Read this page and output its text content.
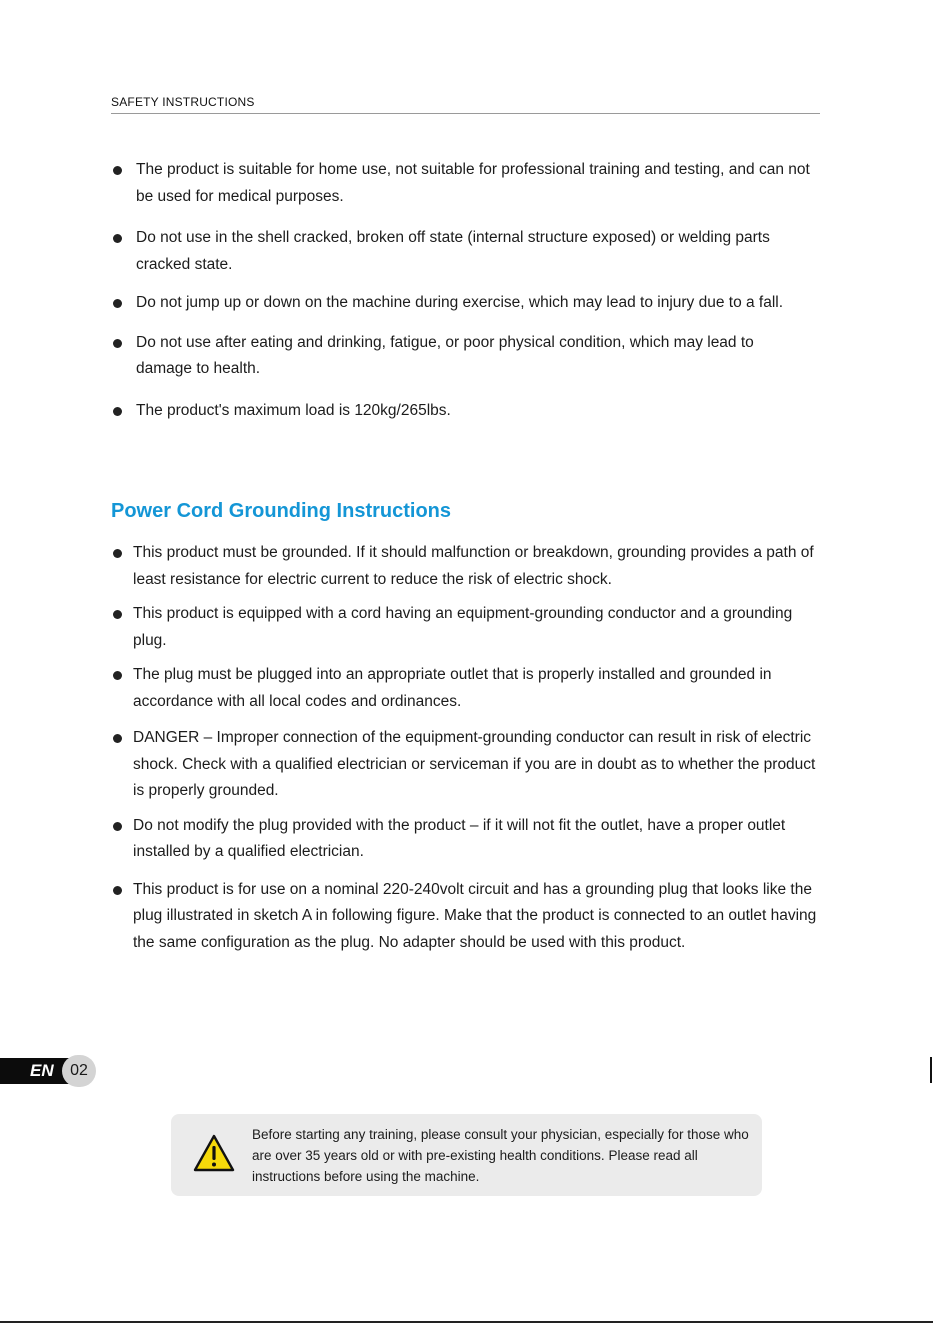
SAFETY INSTRUCTIONS
The product is suitable for home use, not suitable for professional training and testing, and can not be used for medical purposes.
Do not use in the shell cracked, broken off state (internal structure exposed) or welding parts cracked state.
Do not jump up or down on the machine during exercise, which may lead to injury due to a fall.
Do not use after eating and drinking, fatigue, or poor physical condition, which may lead to damage to health.
The product's maximum load is 120kg/265lbs.
Power Cord Grounding Instructions
This product must be grounded. If it should malfunction or breakdown, grounding provides a path of least resistance for electric current to reduce the risk of electric shock.
This product is equipped with a cord having an equipment-grounding conductor and a grounding plug.
The plug must be plugged into an appropriate outlet that is properly installed and grounded in accordance with all local codes and ordinances.
DANGER – Improper connection of the equipment-grounding conductor can result in risk of electric shock. Check with a qualified electrician or serviceman if you are in doubt as to whether the product is properly grounded.
Do not modify the plug provided with the product – if it will not fit the outlet, have a proper outlet installed by a qualified electrician.
This product is for use on a nominal 220-240volt circuit and has a grounding plug that looks like the plug illustrated in sketch A in following figure. Make that the product is connected to an outlet having the same configuration as the plug. No adapter should be used with this product.
EN	02
Before starting any training, please consult your physician, especially for those who are over 35 years old or with pre-existing health conditions. Please read all instructions before using the machine.
